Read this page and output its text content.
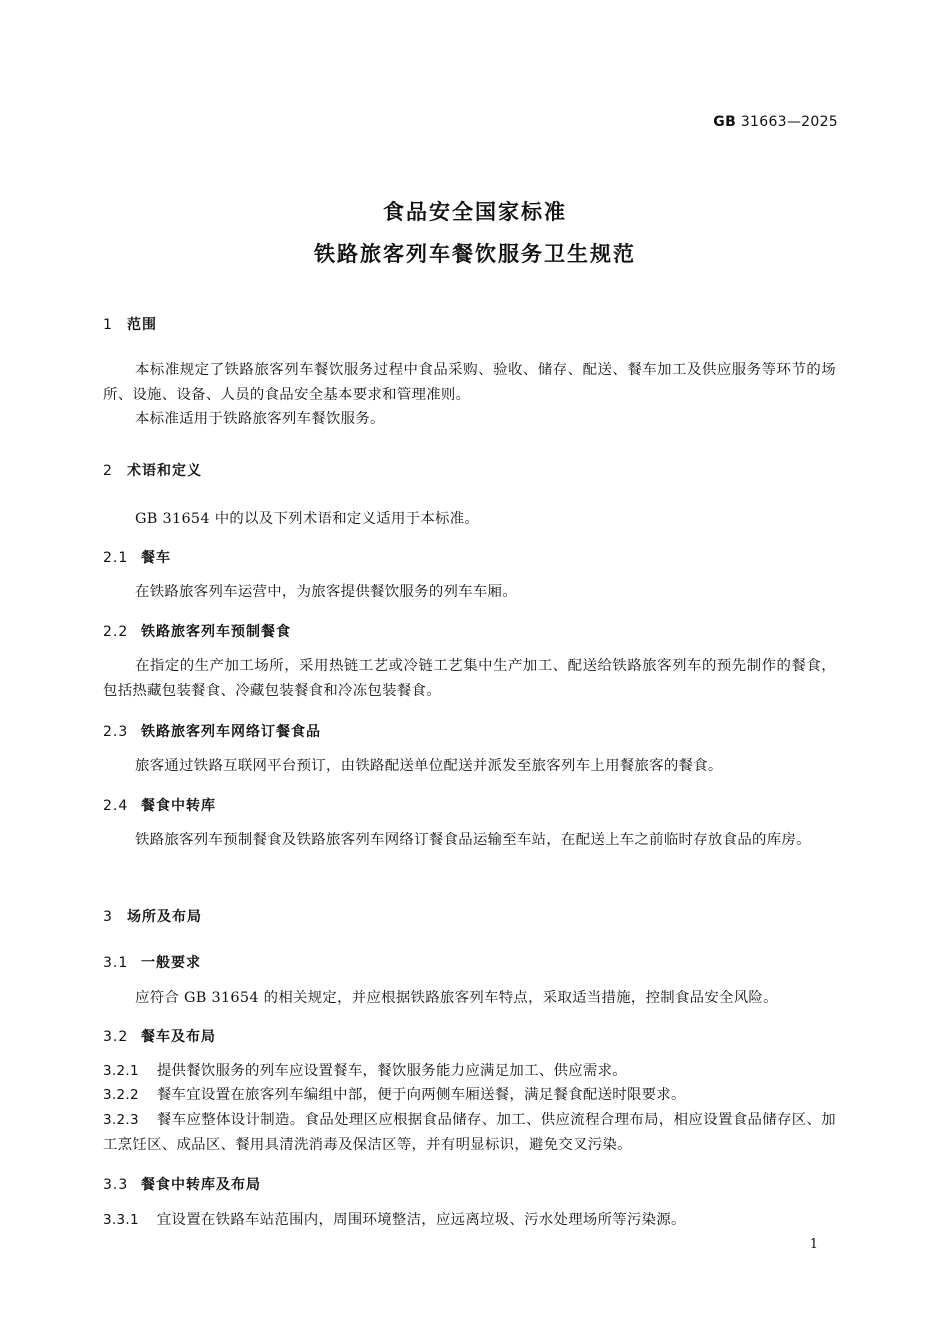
GB 31663—2025
食品安全国家标准
铁路旅客列车餐饮服务卫生规范
1 范围
本标准规定了铁路旅客列车餐饮服务过程中食品采购、验收、储存、配送、餐车加工及供应服务等环节的场所、设施、设备、人员的食品安全基本要求和管理准则。
本标准适用于铁路旅客列车餐饮服务。
2 术语和定义
GB 31654 中的以及下列术语和定义适用于本标准。
2.1 餐车
在铁路旅客列车运营中，为旅客提供餐饮服务的列车车厢。
2.2 铁路旅客列车预制餐食
在指定的生产加工场所，采用热链工艺或冷链工艺集中生产加工、配送给铁路旅客列车的预先制作的餐食，包括热藏包装餐食、冷藏包装餐食和冷冻包装餐食。
2.3 铁路旅客列车网络订餐食品
旅客通过铁路互联网平台预订，由铁路配送单位配送并派发至旅客列车上用餐旅客的餐食。
2.4 餐食中转库
铁路旅客列车预制餐食及铁路旅客列车网络订餐食品运输至车站，在配送上车之前临时存放食品的库房。
3 场所及布局
3.1 一般要求
应符合 GB 31654 的相关规定，并应根据铁路旅客列车特点，采取适当措施，控制食品安全风险。
3.2 餐车及布局
3.2.1 提供餐饮服务的列车应设置餐车，餐饮服务能力应满足加工、供应需求。
3.2.2 餐车宜设置在旅客列车编组中部，便于向两侧车厢送餐，满足餐食配送时限要求。
3.2.3 餐车应整体设计制造。食品处理区应根据食品储存、加工、供应流程合理布局，相应设置食品储存区、加工烹饪区、成品区、餐用具清洗消毒及保洁区等，并有明显标识，避免交叉污染。
3.3 餐食中转库及布局
3.3.1 宜设置在铁路车站范围内，周围环境整洁，应远离垃圾、污水处理场所等污染源。
1
